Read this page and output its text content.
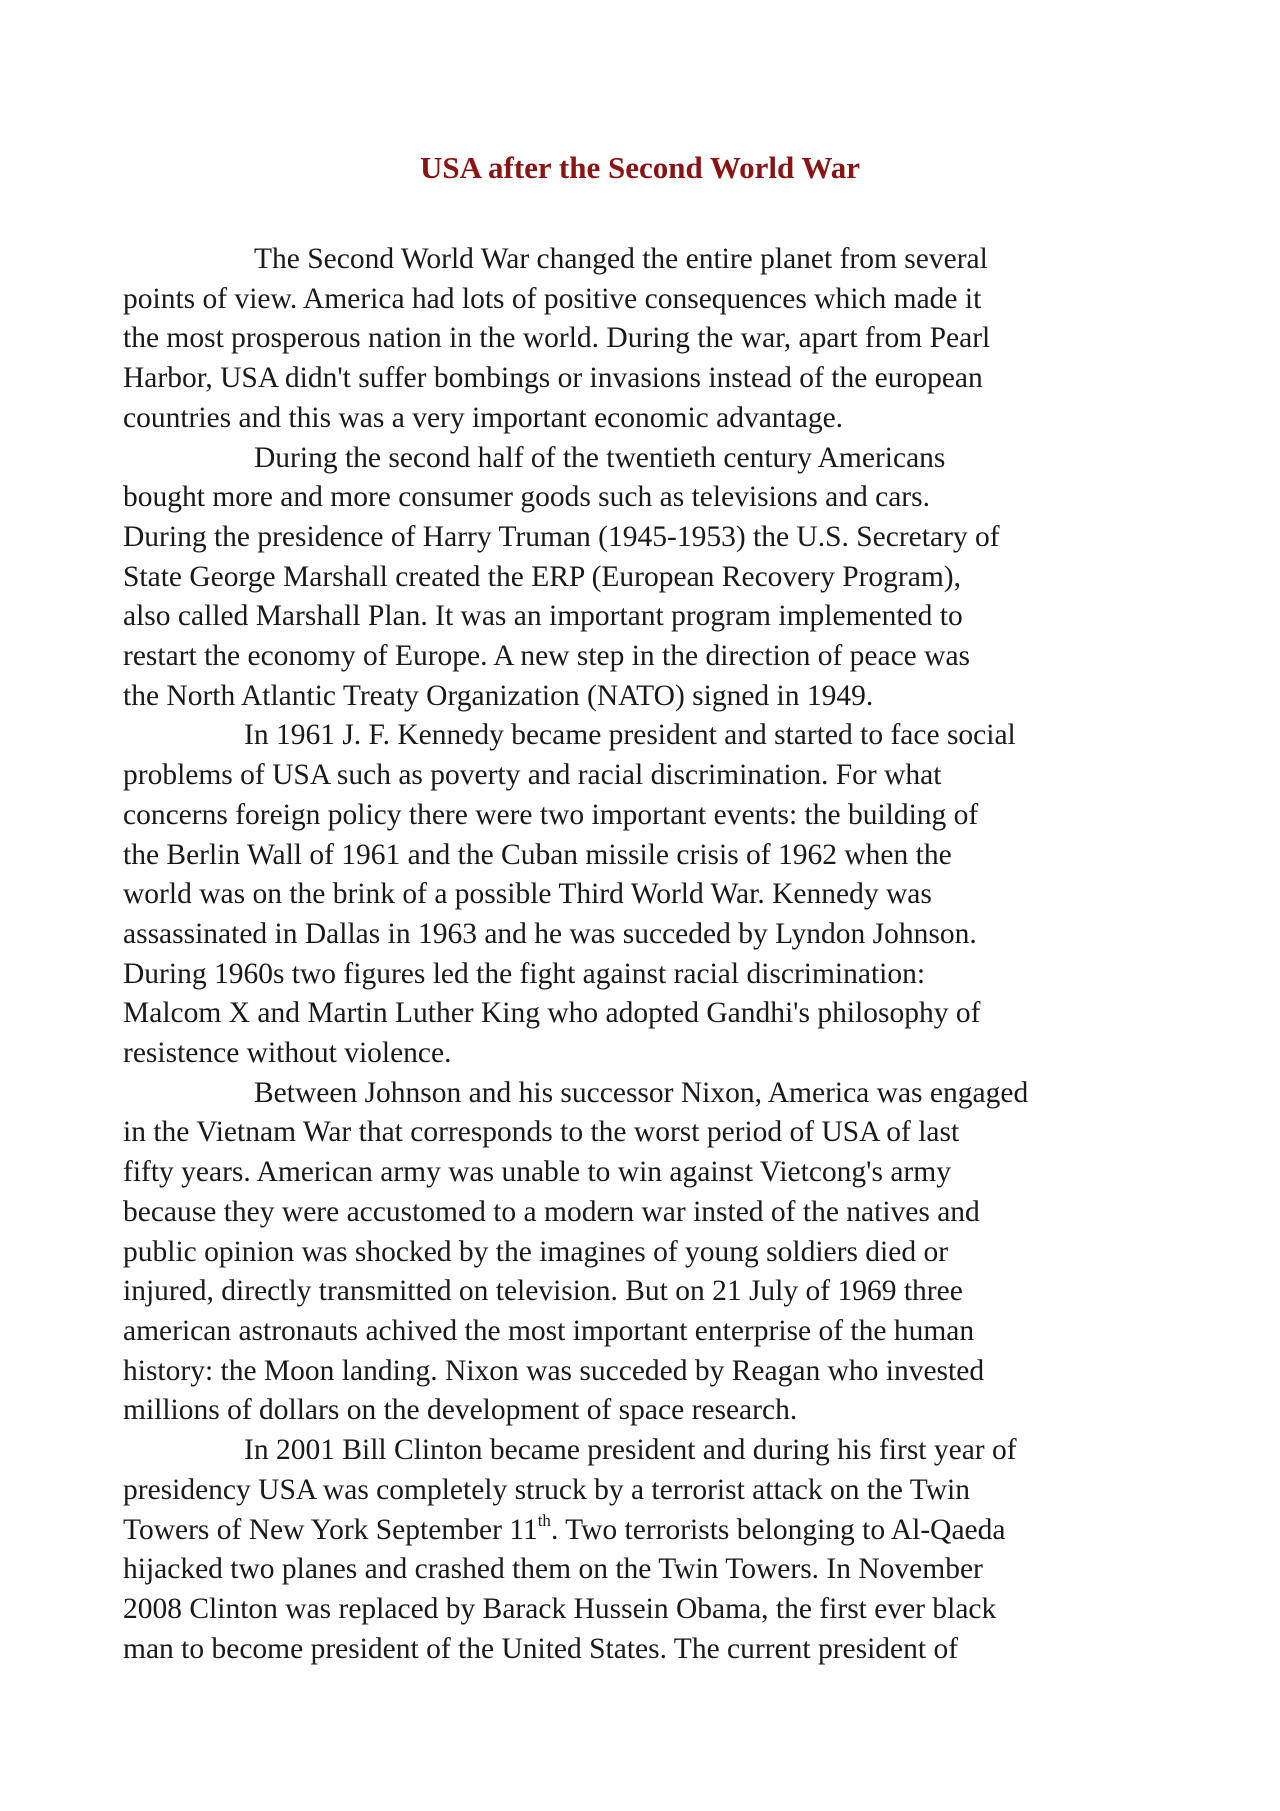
USA after the Second World War

The Second World War changed the entire planet from several
points of view. America had lots of positive consequences which made it
the most prosperous nation in the world. During the war, apart from Pearl
Harbor, USA didn't suffer bombings or invasions instead of the european
countries and this was a very important economic advantage.

During the second half of the twentieth century Americans
bought more and more consumer goods such as televisions and cars.
During the presidence of Harry Truman (1945-1953) the U.S. Secretary of
State George Marshall created the ERP (European Recovery Program),
also called Marshall Plan. It was an important program implemented to
restart the economy of Europe. A new step in the direction of peace was
the North Atlantic Treaty Organization (NATO) signed in 1949.

In 1961 J. F. Kennedy became president and started to face social
problems of USA such as poverty and racial discrimination. For what
concerns foreign policy there were two important events: the building of
the Berlin Wall of 1961 and the Cuban missile crisis of 1962 when the
world was on the brink of a possible Third World War. Kennedy was
assassinated in Dallas in 1963 and he was succeded by Lyndon Johnson.
During 1960s two figures led the fight against racial discrimination:
Malcom X and Martin Luther King who adopted Gandhi's philosophy of
resistence without violence.

Between Johnson and his successor Nixon, America was engaged
in the Vietnam War that corresponds to the worst period of USA of last
fifty years. American army was unable to win against Vietcong's army
because they were accustomed to a modern war insted of the natives and
public opinion was shocked by the imagines of young soldiers died or
injured, directly transmitted on television. But on 21 July of 1969 three
american astronauts achived the most important enterprise of the human
history: the Moon landing. Nixon was succeded by Reagan who invested
millions of dollars on the development of space research.

In 2001 Bill Clinton became president and during his first year of
presidency USA was completely struck by a terrorist attack on the Twin
Towers of New York September 11th. Two terrorists belonging to Al-Qaeda
hijacked two planes and crashed them on the Twin Towers. In November
2008 Clinton was replaced by Barack Hussein Obama, the first ever black
man to become president of the United States. The current president of
